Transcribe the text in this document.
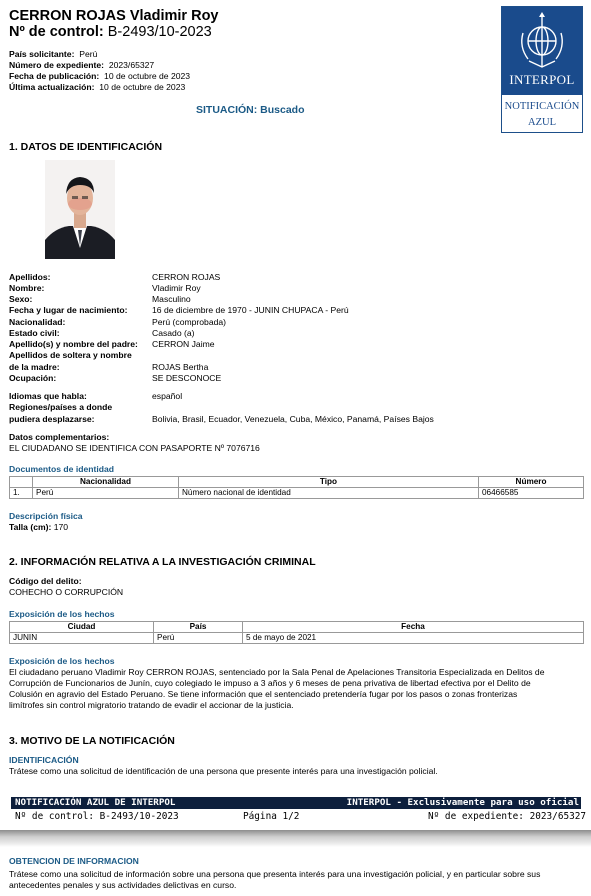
CERRON ROJAS Vladimir Roy
Nº de control: B-2493/10-2023
País solicitante: Perú
Número de expediente: 2023/65327
Fecha de publicación: 10 de octubre de 2023
Última actualización: 10 de octubre de 2023
SITUACIÓN: Buscado
INTERPOL
NOTIFICACIÓN
AZUL
1. DATOS DE IDENTIFICACIÓN
Apellidos:	CERRON ROJAS
Nombre:	Vladimir Roy
Sexo:	Masculino
Fecha y lugar de nacimiento:	16 de diciembre de 1970 - JUNIN CHUPACA - Perú
Nacionalidad:	Perú (comprobada)
Estado civil:	Casado (a)
Apellido(s) y nombre del padre:	CERRON Jaime
Apellidos de soltera y nombre
de la madre:	ROJAS Bertha
Ocupación:	SE DESCONOCE
Idiomas que habla:	español
Regiones/países a donde
pudiera desplazarse:	Bolivia, Brasil, Ecuador, Venezuela, Cuba, México, Panamá, Países Bajos
Datos complementarios:
EL CIUDADANO SE IDENTIFICA CON PASAPORTE Nº 7076716
Documentos de identidad
	Nacionalidad	Tipo	Número
1.	Perú	Número nacional de identidad	06466585
Descripción física
Talla (cm): 170
2. INFORMACIÓN RELATIVA A LA INVESTIGACIÓN CRIMINAL
Código del delito:
COHECHO O CORRUPCIÓN
Exposición de los hechos
Ciudad	País	Fecha
JUNIN	Perú	5 de mayo de 2021
Exposición de los hechos
El ciudadano peruano Vladimir Roy CERRON ROJAS, sentenciado por la Sala Penal de Apelaciones Transitoria Especializada en Delitos de
Corrupción de Funcionarios de Junín, cuyo colegiado le impuso a 3 años y 6 meses de pena privativa de libertad efectiva por el Delito de
Colusión en agravio del Estado Peruano. Se tiene información que el sentenciado pretendería fugar por los pasos o zonas fronterizas
limítrofes sin control migratorio tratando de evadir el accionar de la justicia.
3. MOTIVO DE LA NOTIFICACIÓN
IDENTIFICACIÓN
Trátese como una solicitud de identificación de una persona que presente interés para una investigación policial.
NOTIFICACIÓN AZUL DE INTERPOL	INTERPOL - Exclusivamente para uso oficial
Nº de control: B-2493/10-2023	Página 1/2	Nº de expediente: 2023/65327
OBTENCION DE INFORMACION
Trátese como una solicitud de información sobre una persona que presenta interés para una investigación policial, y en particular sobre sus
antecedentes penales y sus actividades delictivas en curso.
